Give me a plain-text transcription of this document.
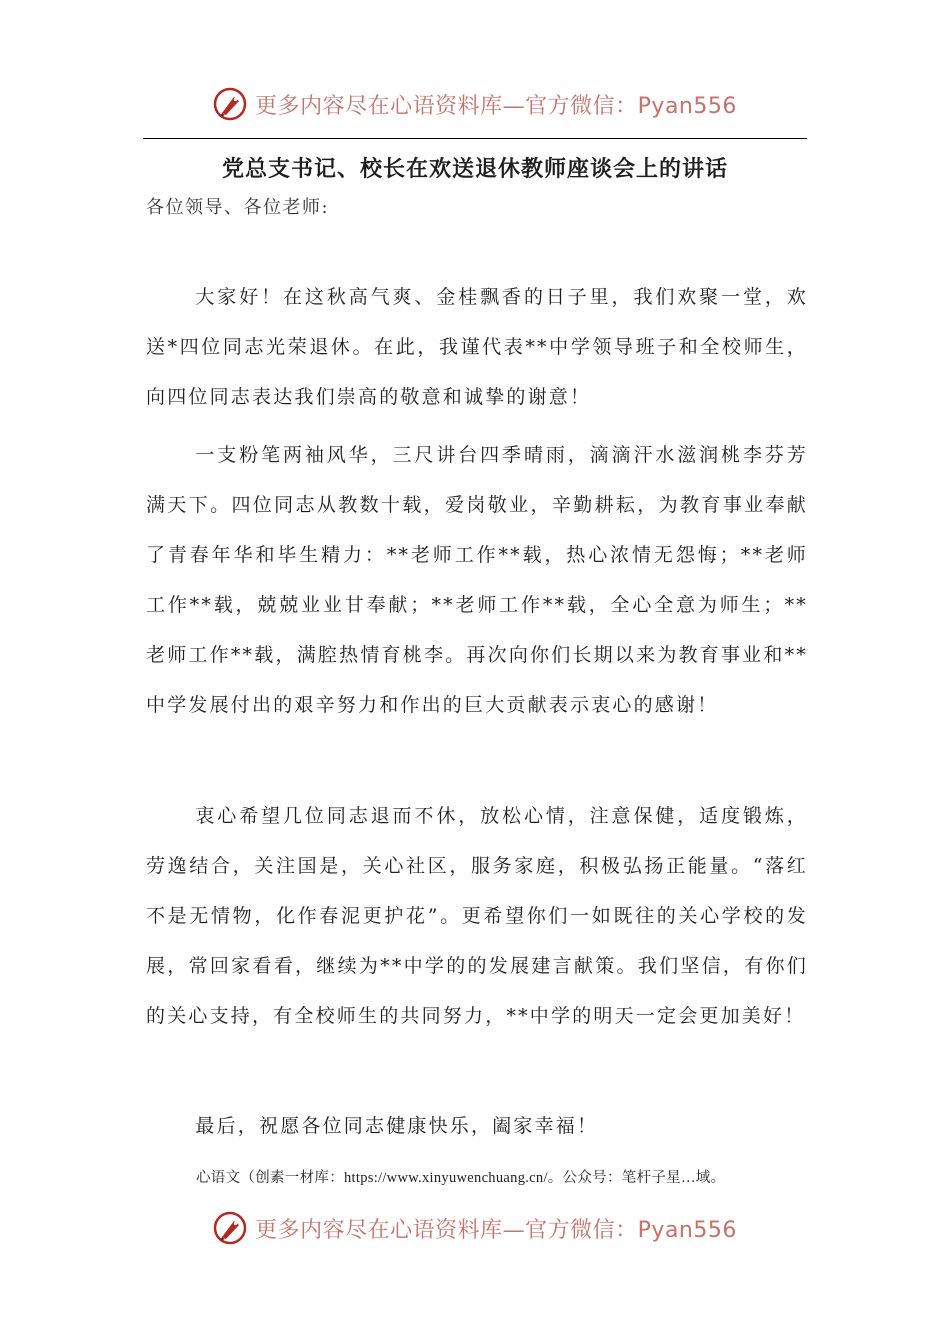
更多内容尽在心语资料库—官方微信：Pyan556
党总支书记、校长在欢送退休教师座谈会上的讲话
各位领导、各位老师:

大家好！在这秋高气爽、金桂飘香的日子里，我们欢聚一堂，欢送*四位同志光荣退休。在此，我谨代表**中学领导班子和全校师生，向四位同志表达我们崇高的敬意和诚挚的谢意！

一支粉笔两袖风华，三尺讲台四季晴雨，滴滴汗水滋润桃李芬芳满天下。四位同志从教数十载，爱岗敬业，辛勤耕耘，为教育事业奉献了青春年华和毕生精力：**老师工作**载，热心浓情无怨悔；**老师工作**载，兢兢业业甘奉献；**老师工作**载，全心全意为师生；**老师工作**载，满腔热情育桃李。再次向你们长期以来为教育事业和**中学发展付出的艰辛努力和作出的巨大贡献表示衷心的感谢！

衷心希望几位同志退而不休，放松心情，注意保健，适度锻炼，劳逸结合，关注国是，关心社区，服务家庭，积极弘扬正能量。“落红不是无情物，化作春泥更护花”。更希望你们一如既往的关心学校的发展，常回家看看，继续为**中学的的发展建言献策。我们坚信，有你们的关心支持，有全校师生的共同努力，**中学的明天一定会更加美好！

最后，祝愿各位同志健康快乐，阖家幸福！

心语文（创素一材库：https://www.xinyuwenchuang.cn/。公众号：笔杆子星…域。
更多内容尽在心语资料库—官方微信：Pyan556
